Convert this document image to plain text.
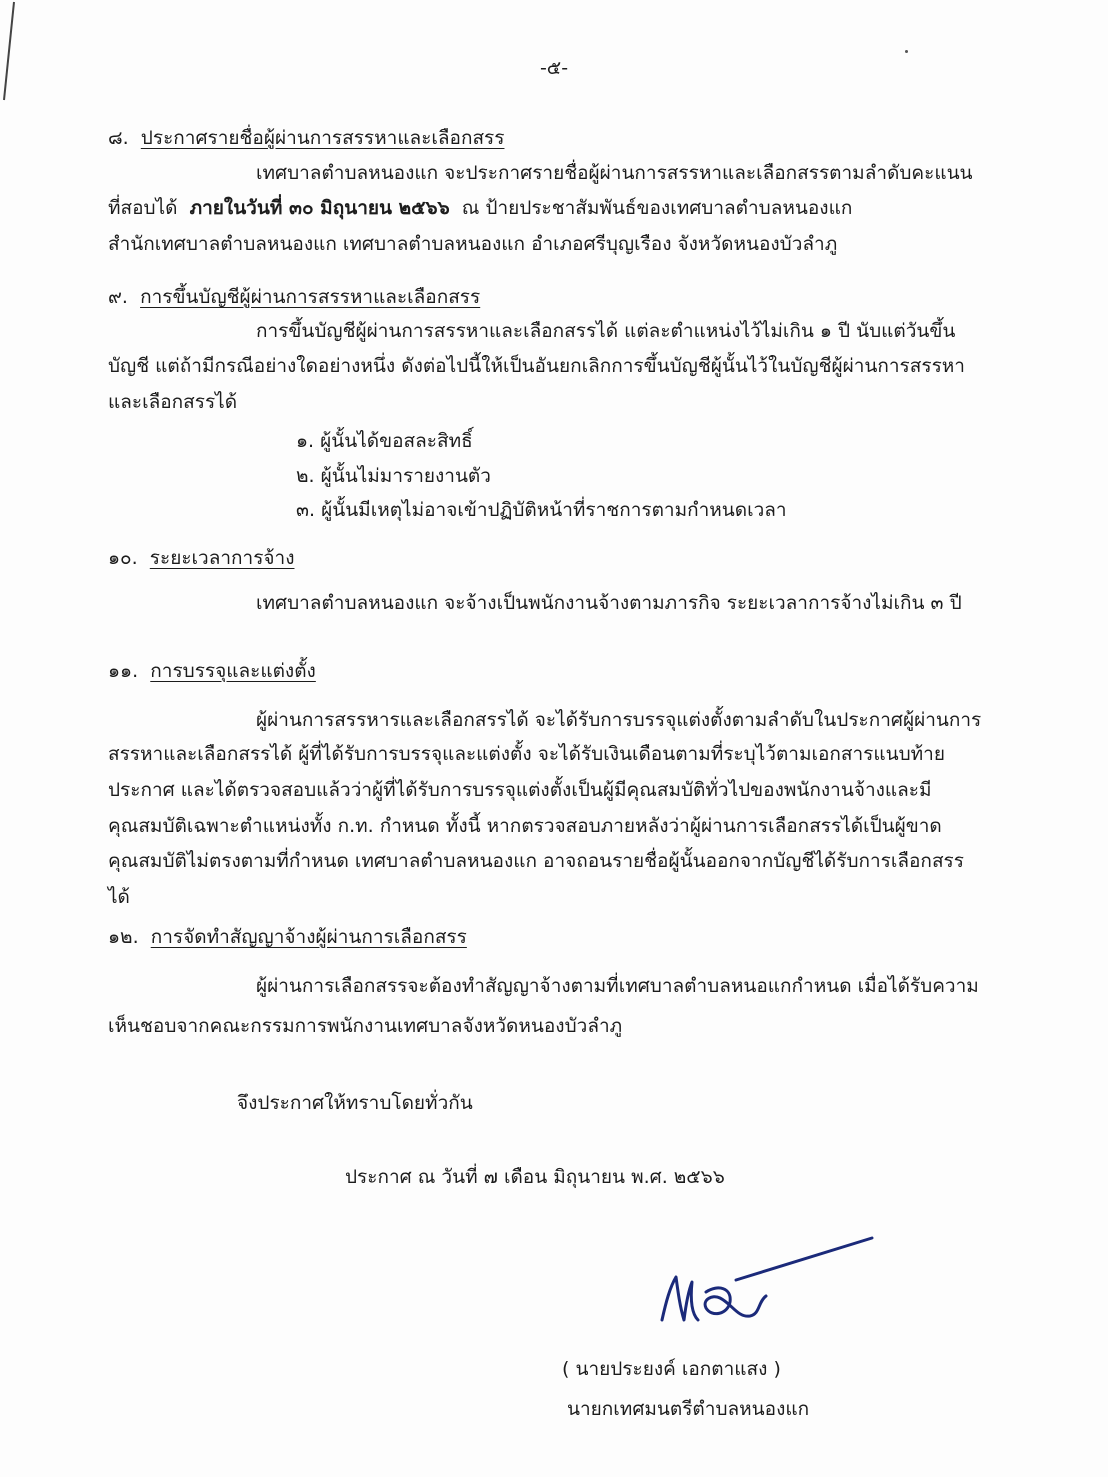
-๕-
๘. ประกาศรายชื่อผู้ผ่านการสรรหาและเลือกสรร
เทศบาลตำบลหนองแก จะประกาศรายชื่อผู้ผ่านการสรรหาและเลือกสรรตามลำดับคะแนน
ที่สอบได้ ภายในวันที่ ๓๐ มิถุนายน ๒๕๖๖ ณ ป้ายประชาสัมพันธ์ของเทศบาลตำบลหนองแก
สำนักเทศบาลตำบลหนองแก เทศบาลตำบลหนองแก อำเภอศรีบุญเรือง จังหวัดหนองบัวลำภู
๙. การขึ้นบัญชีผู้ผ่านการสรรหาและเลือกสรร
การขึ้นบัญชีผู้ผ่านการสรรหาและเลือกสรรได้ แต่ละตำแหน่งไว้ไม่เกิน ๑ ปี นับแต่วันขึ้น
บัญชี แต่ถ้ามีกรณีอย่างใดอย่างหนึ่ง ดังต่อไปนี้ให้เป็นอันยกเลิกการขึ้นบัญชีผู้นั้นไว้ในบัญชีผู้ผ่านการสรรหา
และเลือกสรรได้
๑. ผู้นั้นได้ขอสละสิทธิ์
๒. ผู้นั้นไม่มารายงานตัว
๓. ผู้นั้นมีเหตุไม่อาจเข้าปฏิบัติหน้าที่ราชการตามกำหนดเวลา
๑๐. ระยะเวลาการจ้าง
เทศบาลตำบลหนองแก จะจ้างเป็นพนักงานจ้างตามภารกิจ ระยะเวลาการจ้างไม่เกิน ๓ ปี
๑๑. การบรรจุและแต่งตั้ง
ผู้ผ่านการสรรหารและเลือกสรรได้ จะได้รับการบรรจุแต่งตั้งตามลำดับในประกาศผู้ผ่านการ
สรรหาและเลือกสรรได้ ผู้ที่ได้รับการบรรจุและแต่งตั้ง จะได้รับเงินเดือนตามที่ระบุไว้ตามเอกสารแนบท้าย
ประกาศ และได้ตรวจสอบแล้วว่าผู้ที่ได้รับการบรรจุแต่งตั้งเป็นผู้มีคุณสมบัติทั่วไปของพนักงานจ้างและมี
คุณสมบัติเฉพาะตำแหน่งทั้ง ก.ท. กำหนด ทั้งนี้ หากตรวจสอบภายหลังว่าผู้ผ่านการเลือกสรรได้เป็นผู้ขาด
คุณสมบัติไม่ตรงตามที่กำหนด เทศบาลตำบลหนองแก อาจถอนรายชื่อผู้นั้นออกจากบัญชีได้รับการเลือกสรร
ได้
๑๒. การจัดทำสัญญาจ้างผู้ผ่านการเลือกสรร
ผู้ผ่านการเลือกสรรจะต้องทำสัญญาจ้างตามที่เทศบาลตำบลหนอแกกำหนด เมื่อได้รับความ
เห็นชอบจากคณะกรรมการพนักงานเทศบาลจังหวัดหนองบัวลำภู
จึงประกาศให้ทราบโดยทั่วกัน
ประกาศ ณ วันที่ ๗ เดือน มิถุนายน พ.ศ. ๒๕๖๖
( นายประยงค์ เอกตาแสง )
นายกเทศมนตรีตำบลหนองแก
